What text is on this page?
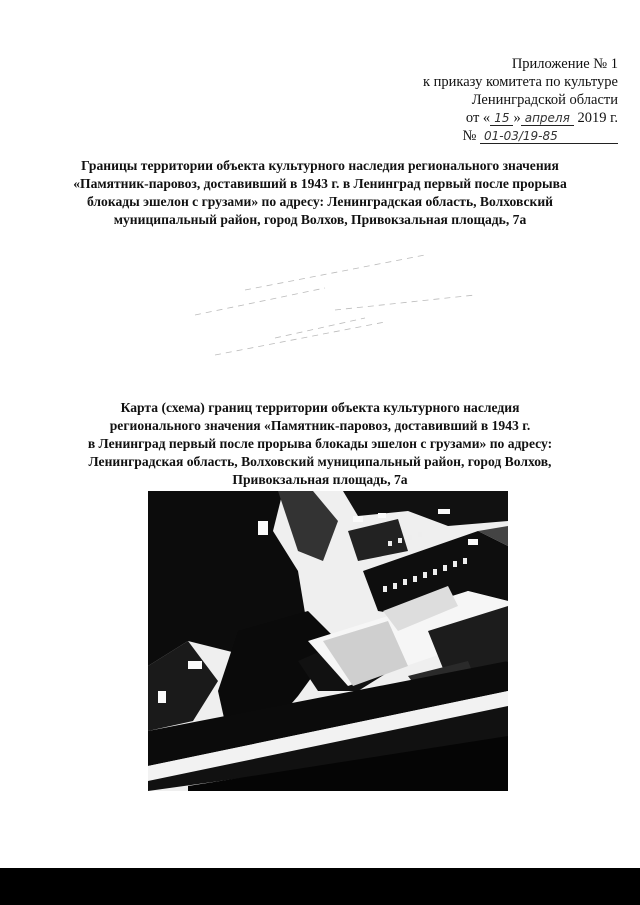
Приложение № 1
к приказу комитета по культуре
Ленинградской области
от « 15 » апреля 2019 г.
№ 01-03/19-85
Границы территории объекта культурного наследия регионального значения
«Памятник-паровоз, доставивший в 1943 г. в Ленинград первый после прорыва
блокады эшелон с грузами» по адресу: Ленинградская область, Волховский
муниципальный район, город Волхов, Привокзальная площадь, 7а
Карта (схема) границ территории объекта культурного наследия
регионального значения «Памятник-паровоз, доставивший в 1943 г.
в Ленинград первый после прорыва блокады эшелон с грузами» по адресу:
Ленинградская область, Волховский муниципальный район, город Волхов,
Привокзальная площадь, 7а
